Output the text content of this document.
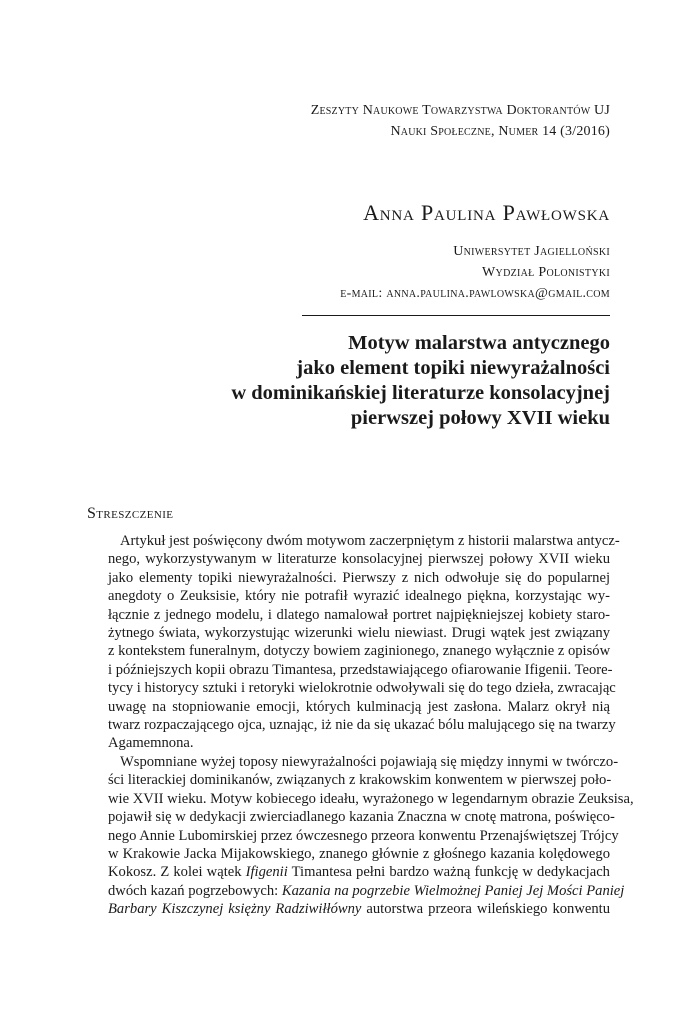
Zeszyty Naukowe Towarzystwa Doktorantów UJ
Nauki Społeczne, Numer 14 (3/2016)
Anna Paulina Pawłowska
Uniwersytet Jagielloński
Wydział Polonistyki
e-mail: anna.paulina.pawlowska@gmail.com
Motyw malarstwa antycznego
jako element topiki niewyrażalności
w dominikańskiej literaturze konsolacyjnej
pierwszej połowy XVII wieku
Streszczenie
Artykuł jest poświęcony dwóm motywom zaczerpniętym z historii malarstwa antycz-
nego, wykorzystywanym w literaturze konsolacyjnej pierwszej połowy XVII wieku
jako elementy topiki niewyrażalności. Pierwszy z nich odwołuje się do popularnej
anegdoty o Zeuksisie, który nie potrafił wyrazić idealnego piękna, korzystając wy-
łącznie z jednego modelu, i dlatego namalował portret najpiękniejszej kobiety staro-
żytnego świata, wykorzystując wizerunki wielu niewiast. Drugi wątek jest związany
z kontekstem funeralnym, dotyczy bowiem zaginionego, znanego wyłącznie z opisów
i późniejszych kopii obrazu Timantesa, przedstawiającego ofiarowanie Ifigenii. Teore-
tycy i historycy sztuki i retoryki wielokrotnie odwoływali się do tego dzieła, zwracając
uwagę na stopniowanie emocji, których kulminacją jest zasłona. Malarz okrył nią
twarz rozpaczającego ojca, uznając, iż nie da się ukazać bólu malującego się na twarzy
Agamemnona.
Wspomniane wyżej toposy niewyrażalności pojawiają się między innymi w twórczo-
ści literackiej dominikanów, związanych z krakowskim konwentem w pierwszej poło-
wie XVII wieku. Motyw kobiecego ideału, wyrażonego w legendarnym obrazie Zeuksisa,
pojawił się w dedykacji zwierciadlanego kazania Znaczna w cnotę matrona, poświęco-
nego Annie Lubomirskiej przez ówczesnego przeora konwentu Przenajświętszej Trójcy
w Krakowie Jacka Mijakowskiego, znanego głównie z głośnego kazania kolędowego
Kokosz. Z kolei wątek Ifigenii Timantesa pełni bardzo ważną funkcję w dedykacjach
dwóch kazań pogrzebowych: Kazania na pogrzebie Wielmożnej Paniej Jej Mości Paniej
Barbary Kiszczynej księżny Radziwiłłówny autorstwa przeora wileńskiego konwentu
